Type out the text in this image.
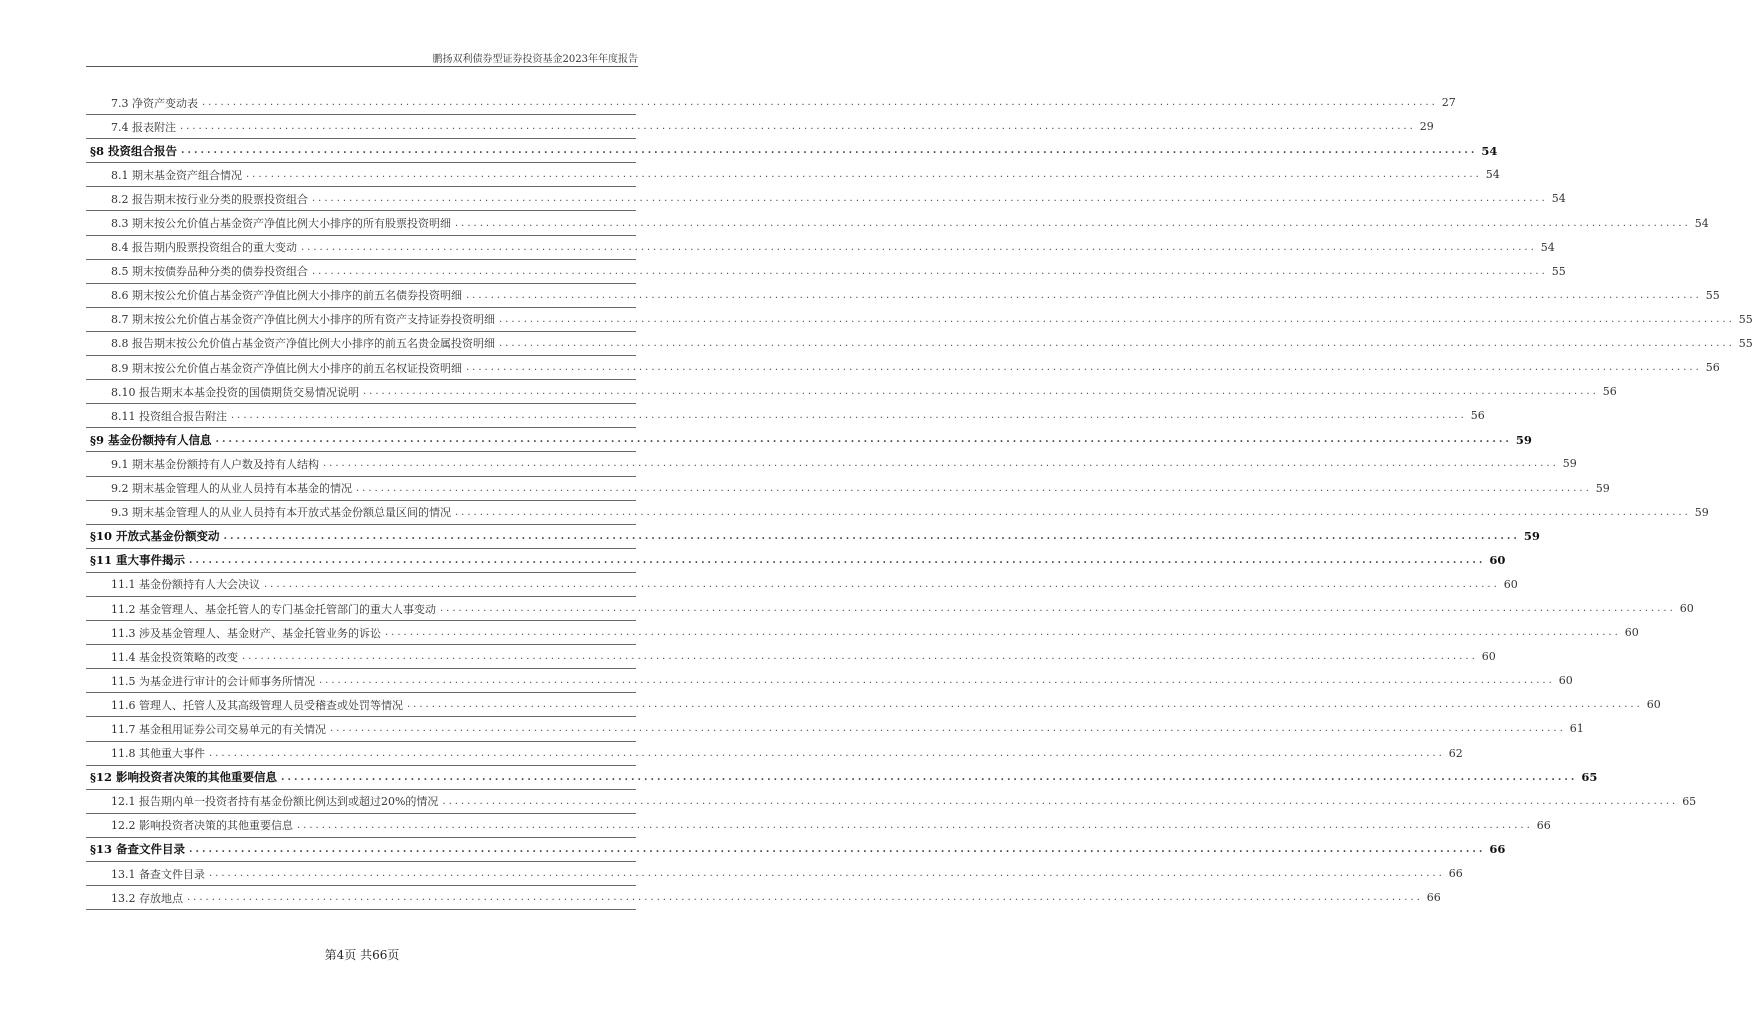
鹏扬双利债券型证券投资基金2023年年度报告
7.3 净资产变动表 ........................................................................................................................................................................................................ 27
7.4 报表附注 ........................................................................................................................................................................................................ 29
§8 投资组合报告 ........................................................................................................................................................................................................ 54
8.1 期末基金资产组合情况 ........................................................................................................................................................................................................ 54
8.2 报告期末按行业分类的股票投资组合 ........................................................................................................................................................................................................ 54
8.3 期末按公允价值占基金资产净值比例大小排序的所有股票投资明细 ........................................................................................................................................................................................................ 54
8.4 报告期内股票投资组合的重大变动 ........................................................................................................................................................................................................ 54
8.5 期末按债券品种分类的债券投资组合 ........................................................................................................................................................................................................ 55
8.6 期末按公允价值占基金资产净值比例大小排序的前五名债券投资明细 ........................................................................................................................................................................................................ 55
8.7 期末按公允价值占基金资产净值比例大小排序的所有资产支持证券投资明细 ........................................................................................................................................................................................................ 55
8.8 报告期末按公允价值占基金资产净值比例大小排序的前五名贵金属投资明细 ........................................................................................................................................................................................................ 55
8.9 期末按公允价值占基金资产净值比例大小排序的前五名权证投资明细 ........................................................................................................................................................................................................ 56
8.10 报告期末本基金投资的国债期货交易情况说明 ........................................................................................................................................................................................................ 56
8.11 投资组合报告附注 ........................................................................................................................................................................................................ 56
§9 基金份额持有人信息 ........................................................................................................................................................................................................ 59
9.1 期末基金份额持有人户数及持有人结构 ........................................................................................................................................................................................................ 59
9.2 期末基金管理人的从业人员持有本基金的情况 ........................................................................................................................................................................................................ 59
9.3 期末基金管理人的从业人员持有本开放式基金份额总量区间的情况 ........................................................................................................................................................................................................ 59
§10 开放式基金份额变动 ........................................................................................................................................................................................................ 59
§11 重大事件揭示 ........................................................................................................................................................................................................ 60
11.1 基金份额持有人大会决议 ........................................................................................................................................................................................................ 60
11.2 基金管理人、基金托管人的专门基金托管部门的重大人事变动 ........................................................................................................................................................................................................ 60
11.3 涉及基金管理人、基金财产、基金托管业务的诉讼 ........................................................................................................................................................................................................ 60
11.4 基金投资策略的改变 ........................................................................................................................................................................................................ 60
11.5 为基金进行审计的会计师事务所情况 ........................................................................................................................................................................................................ 60
11.6 管理人、托管人及其高级管理人员受稽查或处罚等情况 ........................................................................................................................................................................................................ 60
11.7 基金租用证券公司交易单元的有关情况 ........................................................................................................................................................................................................ 61
11.8 其他重大事件 ........................................................................................................................................................................................................ 62
§12 影响投资者决策的其他重要信息 ........................................................................................................................................................................................................ 65
12.1 报告期内单一投资者持有基金份额比例达到或超过20%的情况 ........................................................................................................................................................................................................ 65
12.2 影响投资者决策的其他重要信息 ........................................................................................................................................................................................................ 66
§13 备查文件目录 ........................................................................................................................................................................................................ 66
13.1 备查文件目录 ........................................................................................................................................................................................................ 66
13.2 存放地点 ........................................................................................................................................................................................................ 66
第4页 共66页
